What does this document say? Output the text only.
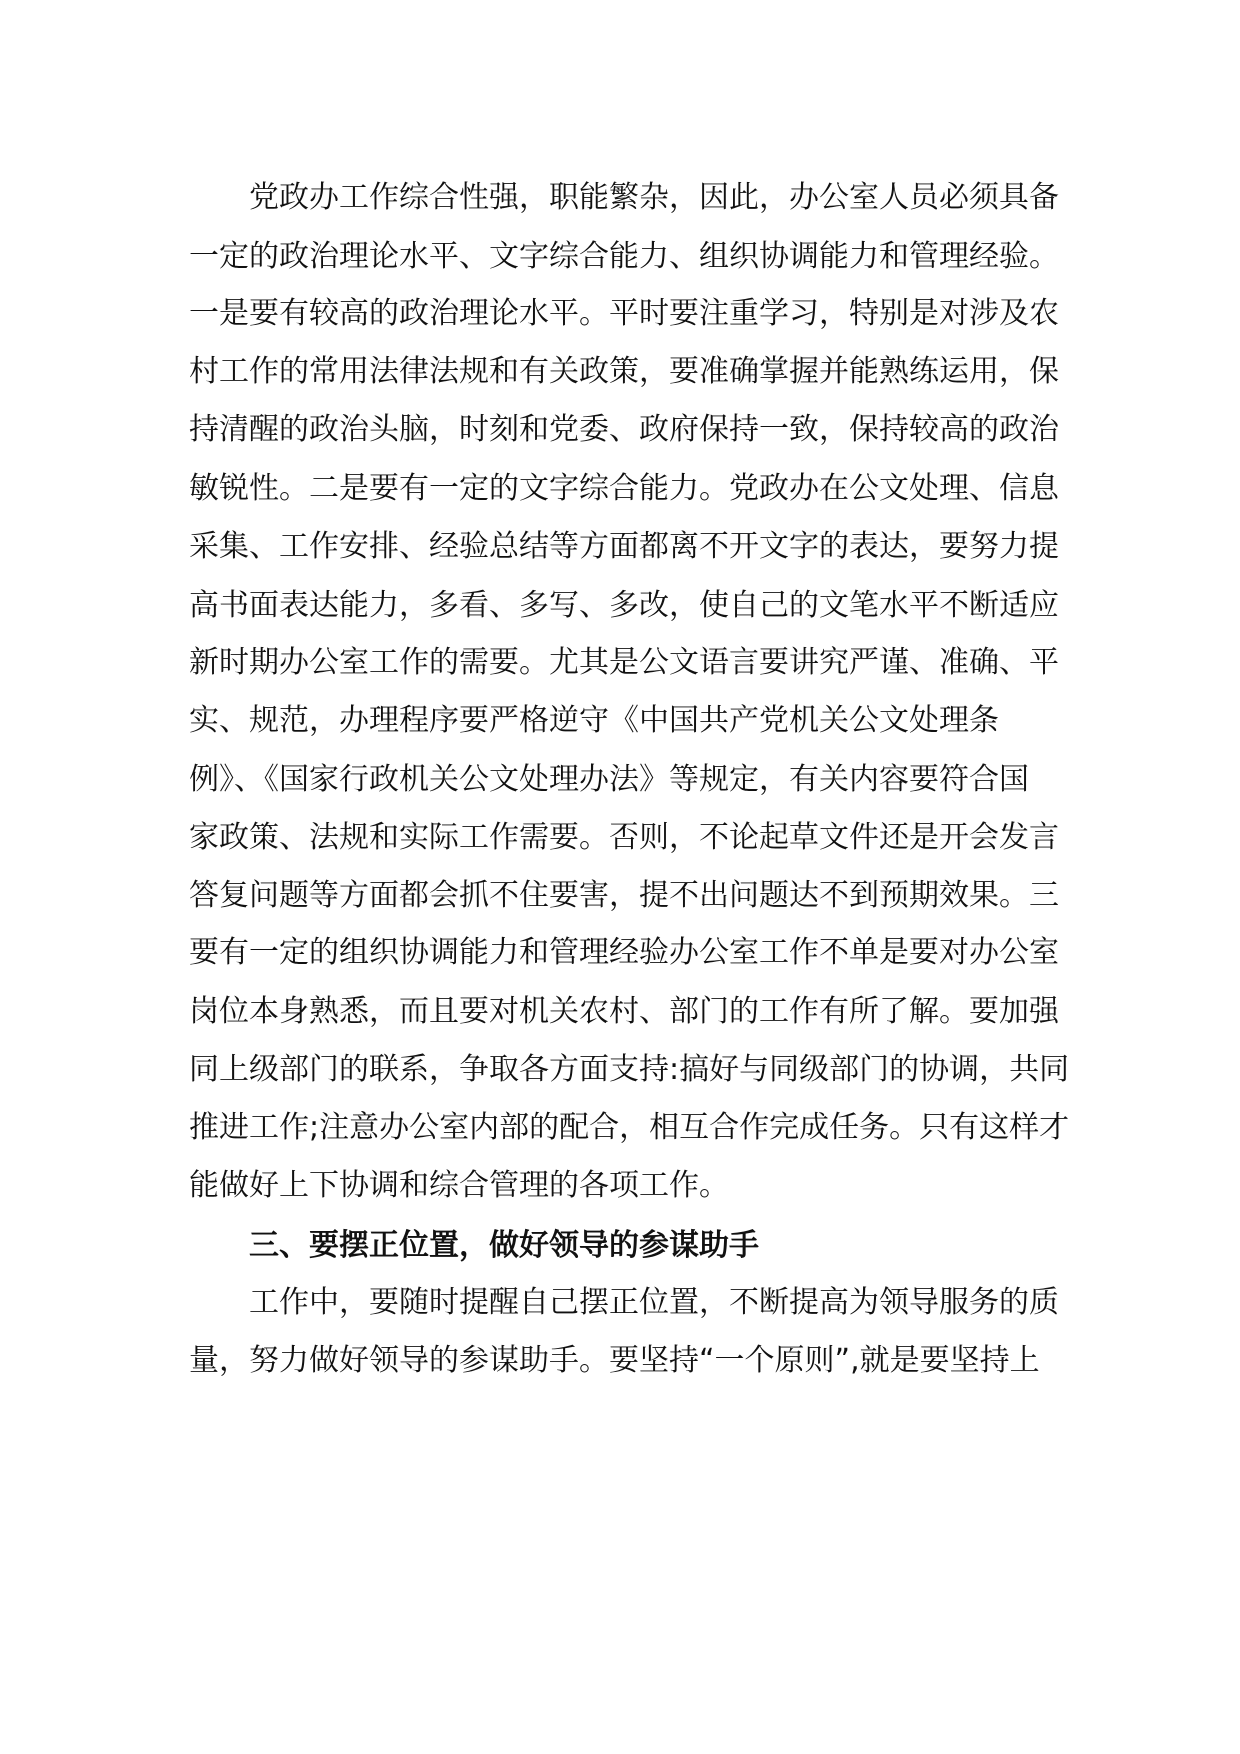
党政办工作综合性强，职能繁杂，因此，办公室人员必须具备
一定的政治理论水平、文字综合能力、组织协调能力和管理经验。
一是要有较高的政治理论水平。平时要注重学习，特别是对涉及农
村工作的常用法律法规和有关政策，要准确掌握并能熟练运用，保
持清醒的政治头脑，时刻和党委、政府保持一致，保持较高的政治
敏锐性。二是要有一定的文字综合能力。党政办在公文处理、信息
采集、工作安排、经验总结等方面都离不开文字的表达，要努力提
高书面表达能力，多看、多写、多改，使自己的文笔水平不断适应
新时期办公室工作的需要。尤其是公文语言要讲究严谨、准确、平
实、规范，办理程序要严格逆守《中国共产党机关公文处理条
例》、《国家行政机关公文处理办法》等规定，有关内容要符合国
家政策、法规和实际工作需要。否则，不论起草文件还是开会发言
答复问题等方面都会抓不住要害，提不出问题达不到预期效果。三
要有一定的组织协调能力和管理经验办公室工作不单是要对办公室
岗位本身熟悉，而且要对机关农村、部门的工作有所了解。要加强
同上级部门的联系，争取各方面支持:搞好与同级部门的协调，共同
推进工作;注意办公室内部的配合，相互合作完成任务。只有这样才
能做好上下协调和综合管理的各项工作。
三、要摆正位置，做好领导的参谋助手
工作中，要随时提醒自己摆正位置，不断提高为领导服务的质
量，努力做好领导的参谋助手。要坚持“一个原则”,就是要坚持上
